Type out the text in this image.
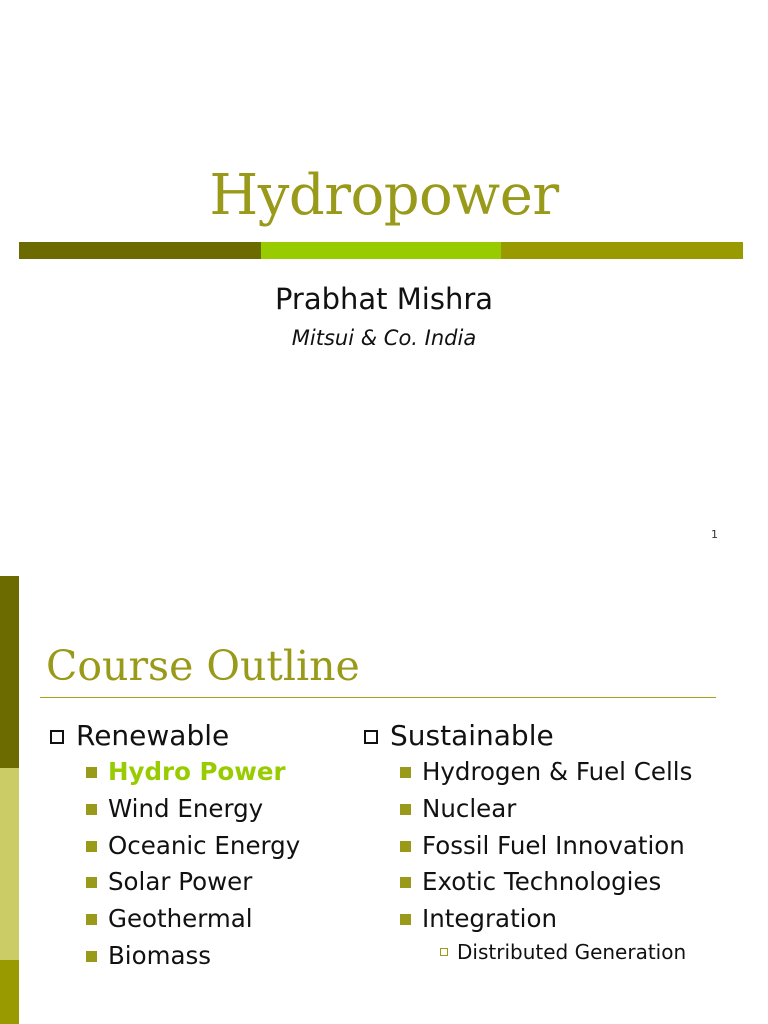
Hydropower
Prabhat Mishra
Mitsui & Co. India
1
Course Outline
Renewable
Hydro Power
Wind Energy
Oceanic Energy
Solar Power
Geothermal
Biomass
Sustainable
Hydrogen & Fuel Cells
Nuclear
Fossil Fuel Innovation
Exotic Technologies
Integration
Distributed Generation
